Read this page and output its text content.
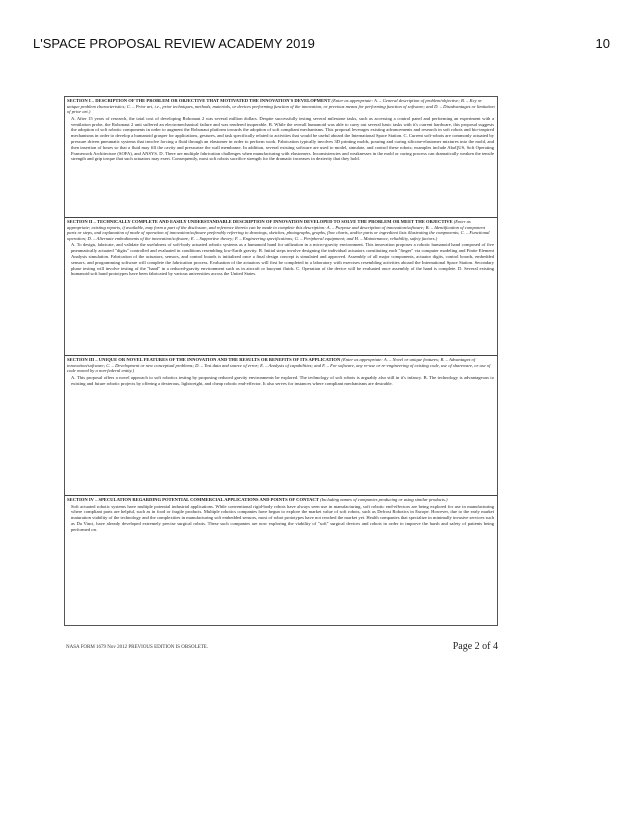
L'SPACE PROPOSAL REVIEW ACADEMY 2019	10
SECTION I – DESCRIPTION OF THE PROBLEM OR OBJECTIVE THAT MOTIVATED THE INNOVATION'S DEVELOPMENT (Enter as appropriate: A. – General description of problem/objective; B. – Key or unique problem characteristics; C. – Prior art, i.e., prior techniques, methods, materials, or devices performing function of the innovation, or previous means for performing function of software; and D. – Disadvantages or limitation of prior art.)
A. After 15 years of research, the total cost of developing Robonaut 2 was several million dollars. Despite successfully testing several milestone tasks, such as accessing a control panel and performing an experiment with a ventilation probe, the Robonaut 2 unit suffered an electromechanical failure and was rendered inoperable. B. While the overall humanoid was able to carry out several basic tasks with it's current hardware, this proposal suggests the adoption of soft robotic components in order to augment the Robonaut platform towards the adoption of soft compliant mechanisms. This proposal leverages existing advancements and research in soft robots and bio-inspired mechanisms in order to develop a humanoid grasper for applications, gestures, and task specifically related to activities that would be useful aboard the International Space Station. C. Current soft-robots are commonly actuated by pressure driven pneumatic systems that involve forcing a fluid through an elastomer in order to perform work. Fabrication typically involves 3D printing molds, pouring and curing silicone-elastomer mixtures into the mold, and then insertion of hoses so that a fluid may fill the cavity and pressurize the wall membrane. In addition, several existing software are used to model, simulate, and control these robots; examples include AbaQUS, Soft Operating Framework Architecture (SOFA), and ANSYS. D. There are multiple fabrication challenges when manufacturing with elastomers. Inconsistencies and weaknesses in the mold or curing process can dramatically weaken the tensile strength and grip torque that such actuators may exert. Consequently, most soft robots sacrifice strength for the dramatic increases in dexterity that they hold.
SECTION II – TECHNICALLY COMPLETE AND EASILY UNDERSTANDABLE DESCRIPTION OF INNOVATION DEVELOPED TO SOLVE THE PROBLEM OR MEET THE OBJECTIVE (Enter as appropriate; existing reports, if available, may form a part of the disclosure, and reference thereto can be made to complete this description: A. – Purpose and description of innovation/software; B. – Identification of component parts or steps, and explanation of mode of operation of innovation/software preferably referring to drawings, sketches, photographs, graphs, flow charts, and/or parts or ingredient lists illustrating the components; C. – Functional operation; D. – Alternate embodiments of the innovation/software; E. – Supportive theory; F. – Engineering specifications; G. – Peripheral equipment; and H. – Maintenance, reliability, safety factors.)
A. To design, fabricate, and validate the usefulness of soft-body actuated robotic systems as a humanoid hand for utilization in a micro-gravity environment. This innovation proposes a robotic humanoid hand composed of five pneumatically actuated "digits" controlled and evaluated in conditions resembling low-Earth gravity. B. Initial steps involve designing the individual actuators constituting each "finger" via computer modeling and Finite Element Analysis simulation. Fabrication of the actuators, sensors, and control boards is initialized once a final design concept is simulated and approved. Assembly of all major components, actuator digits, control boards, embedded sensors, and programming software will complete the fabrication process. Evaluation of the actuators will first be completed in a laboratory with exercises resembling activities aboard the International Space Station. Secondary phase testing will involve testing of the "hand" in a reduced-gravity environment such as in aircraft or buoyant fluids. C. Operation of the device will be evaluated once assembly of the hand is complete. D. Several existing humanoid soft hand prototypes have been fabricated by various universities across the United States.
SECTION III – UNIQUE OR NOVEL FEATURES OF THE INNOVATION AND THE RESULTS OR BENEFITS OF ITS APPLICATION (Enter as appropriate: A. – Novel or unique features; B. – Advantages of innovation/software; C. – Development or new conceptual problems; D. – Test data and source of error; E. – Analysis of capabilities; and F. – For software, any re-use or re-engineering of existing code, use of shareware, or use of code owned by a non-federal entity.)
A. This proposal offers a novel approach to soft robotics testing by proposing reduced gravity environments be explored. The technology of soft robots is arguably also still in it's infancy. B. The technology is advantageous to existing and future robotic projects by offering a dexterous, lightweight, and cheap robotic end-effector. It also serves for instances where compliant mechanisms are desirable.
SECTION IV – SPECULATION REGARDING POTENTIAL COMMERCIAL APPLICATIONS AND POINTS OF CONTACT (Including names of companies producing or using similar products.)
Soft actuated robotic systems have multiple potential industrial applications. While conventional rigid-body robots have always seen use in manufacturing, soft robotic end-effectors are being explored for use in manufacturing where compliant parts are helpful, such as in food or fragile products. Multiple robotics companies have begun to explore the market value of soft robots, such as Defrost Robotics in Europe. However, due to the early market maturation viability of the technology and the complexities in manufacturing soft embedded sensors, most of robot prototypes have not reached the market yet. Health companies that specialize in minimally invasive services such as Da Vinci, have already developed extremely precise surgical robots. These such companies are now exploring the viability of "soft" surgical devices and robots in order to improve the harsh and safety of patients being performed on.
NASA FORM 1679 Nov 2012 PREVIOUS EDITION IS OBSOLETE.	Page 2 of 4
